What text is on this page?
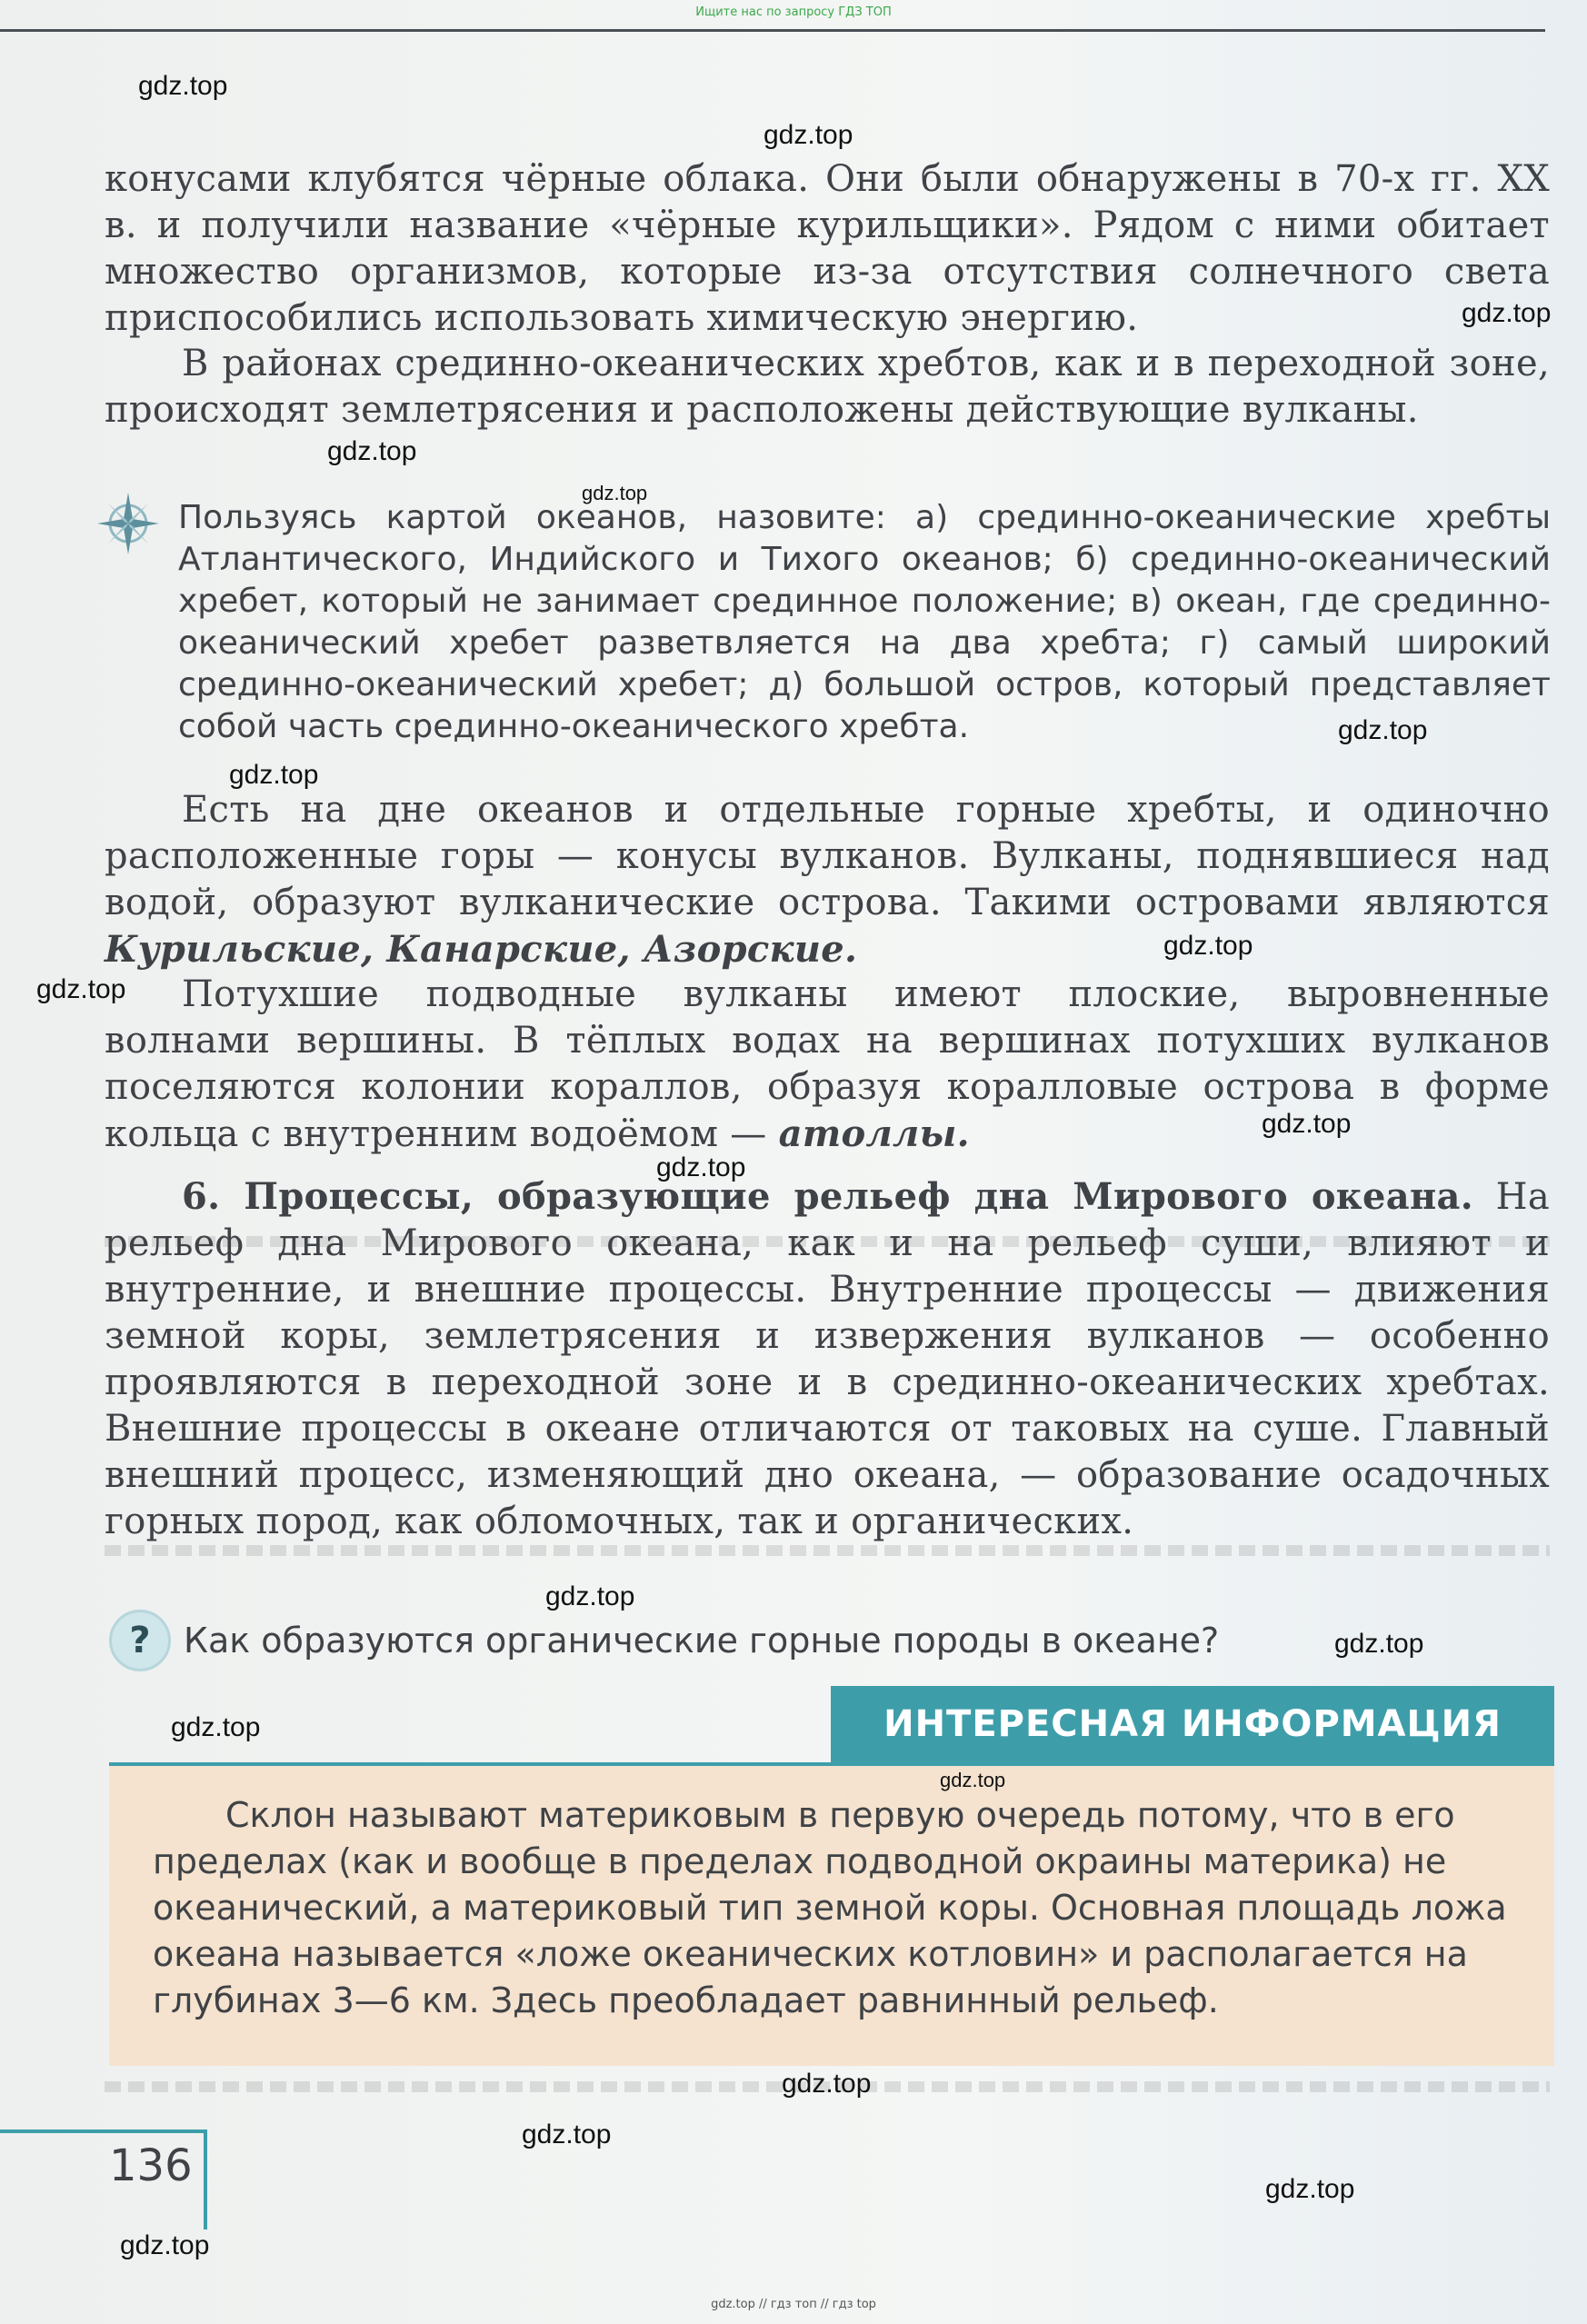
Ищите нас по запросу ГДЗ ТОП
конусами клубятся чёрные облака. Они были обнаружены в 70-х гг. XX в. и получили название «чёрные курильщики». Рядом с ними обитает множество организмов, которые из-за отсутствия солнечного света приспособились использовать химическую энергию.
В районах срединно-океанических хребтов, как и в переходной зоне, происходят землетрясения и расположены действующие вулканы.
Пользуясь картой океанов, назовите: а) срединно-океанические хребты Атлантического, Индийского и Тихого океанов; б) срединно-океанический хребет, который не занимает срединное положение; в) океан, где срединно-океанический хребет разветвляется на два хребта; г) самый широкий срединно-океанический хребет; д) большой остров, который представляет собой часть срединно-океанического хребта.
Есть на дне океанов и отдельные горные хребты, и одиночно расположенные горы — конусы вулканов. Вулканы, поднявшиеся над водой, образуют вулканические острова. Такими островами являются Курильские, Канарские, Азорские.
Потухшие подводные вулканы имеют плоские, выровненные волнами вершины. В тёплых водах на вершинах потухших вулканов поселяются колонии кораллов, образуя коралловые острова в форме кольца с внутренним водоёмом — атоллы.
6. Процессы, образующие рельеф дна Мирового океана. На рельеф дна Мирового океана, как и на рельеф суши, влияют и внутренние, и внешние процессы. Внутренние процессы — движения земной коры, землетрясения и извержения вулканов — особенно проявляются в переходной зоне и в срединно-океанических хребтах. Внешние процессы в океане отличаются от таковых на суше. Главный внешний процесс, изменяющий дно океана, — образование осадочных горных пород, как обломочных, так и органических.
? Как образуются органические горные породы в океане?
ИНТЕРЕСНАЯ ИНФОРМАЦИЯ
Склон называют материковым в первую очередь потому, что в его пределах (как и вообще в пределах подводной окраины материка) не океанический, а материковый тип земной коры. Основная площадь ложа океана называется «ложе океанических котловин» и располагается на глубинах 3—6 км. Здесь преобладает равнинный рельеф.
136
gdz.top
gdz.top
gdz.top
gdz.top
gdz.top
gdz.top
gdz.top
gdz.top
gdz.top
gdz.top
gdz.top
gdz.top
gdz.top
gdz.top
gdz.top
gdz.top
gdz.top
gdz.top
gdz.top
gdz.top // гдз топ // гдз top
